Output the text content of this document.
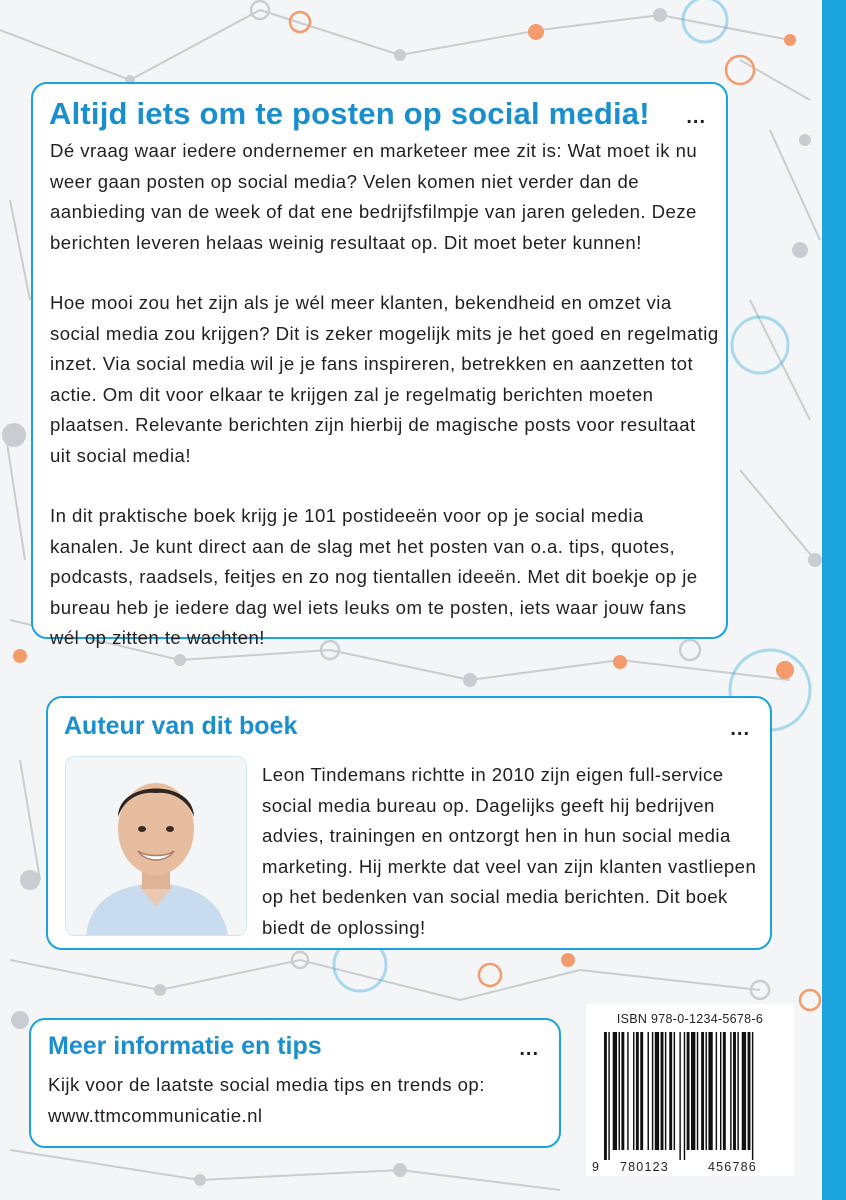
Altijd iets om te posten op social media! ...

Dé vraag waar iedere ondernemer en marketeer mee zit is: Wat moet ik nu weer gaan posten op social media? Velen komen niet verder dan de aanbieding van de week of dat ene bedrijfsfilmpje van jaren geleden. Deze berichten leveren helaas weinig resultaat op. Dit moet beter kunnen!

Hoe mooi zou het zijn als je wél meer klanten, bekendheid en omzet via social media zou krijgen? Dit is zeker mogelijk mits je het goed en regelmatig inzet. Via social media wil je je fans inspireren, betrekken en aanzetten tot actie. Om dit voor elkaar te krijgen zal je regelmatig berichten moeten plaatsen. Relevante berichten zijn hierbij de magische posts voor resultaat uit social media!

In dit praktische boek krijg je 101 postideeën voor op je social media kanalen. Je kunt direct aan de slag met het posten van o.a. tips, quotes, podcasts, raadsels, feitjes en zo nog tientallen ideeën. Met dit boekje op je bureau heb je iedere dag wel iets leuks om te posten, iets waar jouw fans wél op zitten te wachten!

Auteur van dit boek	...

Leon Tindemans richtte in 2010 zijn eigen full-service social media bureau op. Dagelijks geeft hij bedrijven advies, trainingen en ontzorgt hen in hun social media marketing. Hij merkte dat veel van zijn klanten vastliepen op het bedenken van social media berichten. Dit boek biedt de oplossing!

Meer informatie en tips	...

Kijk voor de laatste social media tips en trends op:

www.ttmcommunicatie.nl

ISBN 978-0-1234-5678-6
9 780123	456786
